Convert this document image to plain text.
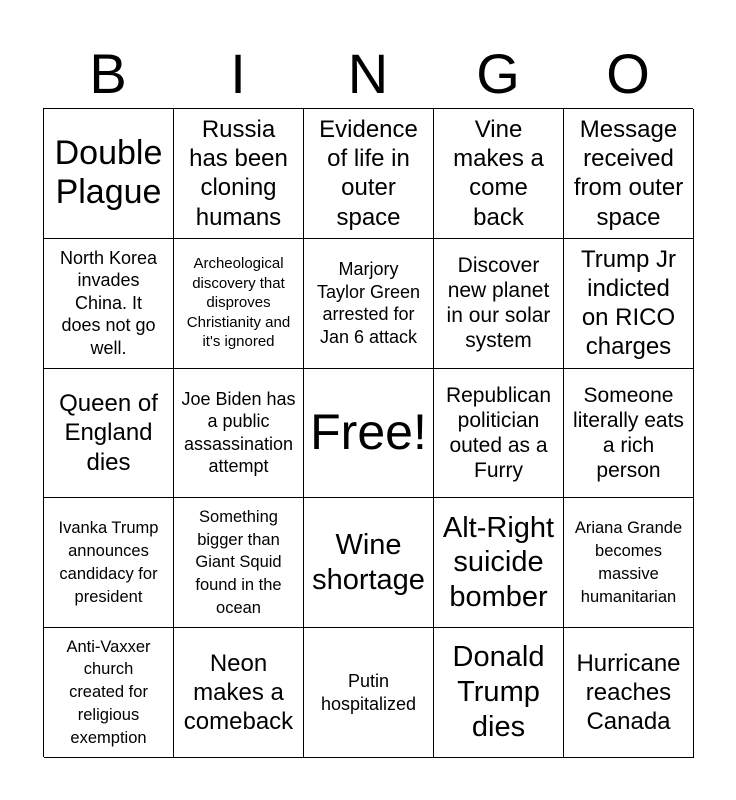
B	I	N	G	O
Double Plague
Russia has been cloning humans
Evidence of life in outer space
Vine makes a come back
Message received from outer space
North Korea invades China. It does not go well.
Archeological discovery that disproves Christianity and it's ignored
Marjory Taylor Green arrested for Jan 6 attack
Discover new planet in our solar system
Trump Jr indicted on RICO charges
Queen of England dies
Joe Biden has a public assassination attempt
Free!
Republican politician outed as a Furry
Someone literally eats a rich person
Ivanka Trump announces candidacy for president
Something bigger than Giant Squid found in the ocean
Wine shortage
Alt-Right suicide bomber
Ariana Grande becomes massive humanitarian
Anti-Vaxxer church created for religious exemption
Neon makes a comeback
Putin hospitalized
Donald Trump dies
Hurricane reaches Canada
